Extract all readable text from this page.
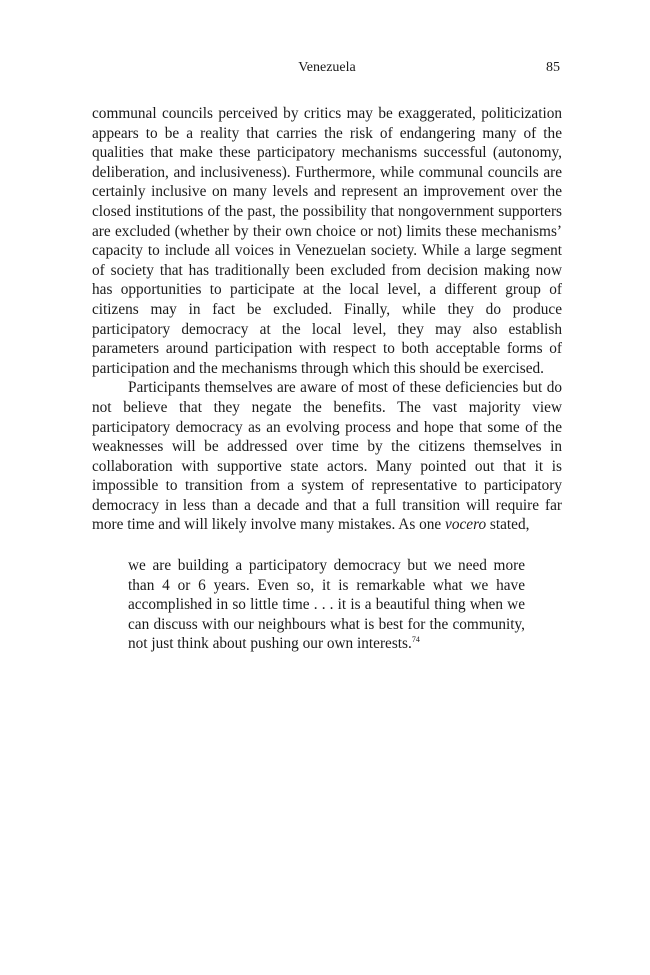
Venezuela	85

communal councils perceived by critics may be exaggerated, politicization appears to be a reality that carries the risk of endangering many of the qualities that make these participatory mechanisms successful (autonomy, deliberation, and inclusiveness). Furthermore, while communal councils are certainly inclusive on many levels and represent an improvement over the closed institutions of the past, the possibility that nongovernment supporters are excluded (whether by their own choice or not) limits these mechanisms’ capacity to include all voices in Venezuelan society. While a large segment of society that has traditionally been excluded from decision making now has opportunities to participate at the local level, a different group of citizens may in fact be excluded. Finally, while they do produce participatory democracy at the local level, they may also establish parameters around participation with respect to both acceptable forms of participation and the mechanisms through which this should be exercised.

Participants themselves are aware of most of these deficiencies but do not believe that they negate the benefits. The vast majority view participatory democracy as an evolving process and hope that some of the weaknesses will be addressed over time by the citizens themselves in collaboration with supportive state actors. Many pointed out that it is impossible to transition from a system of representative to participatory democracy in less than a decade and that a full transition will require far more time and will likely involve many mistakes. As one vocero stated,

we are building a participatory democracy but we need more than 4 or 6 years. Even so, it is remarkable what we have accomplished in so little time . . . it is a beautiful thing when we can discuss with our neighbours what is best for the community, not just think about pushing our own interests.$^{74}$
